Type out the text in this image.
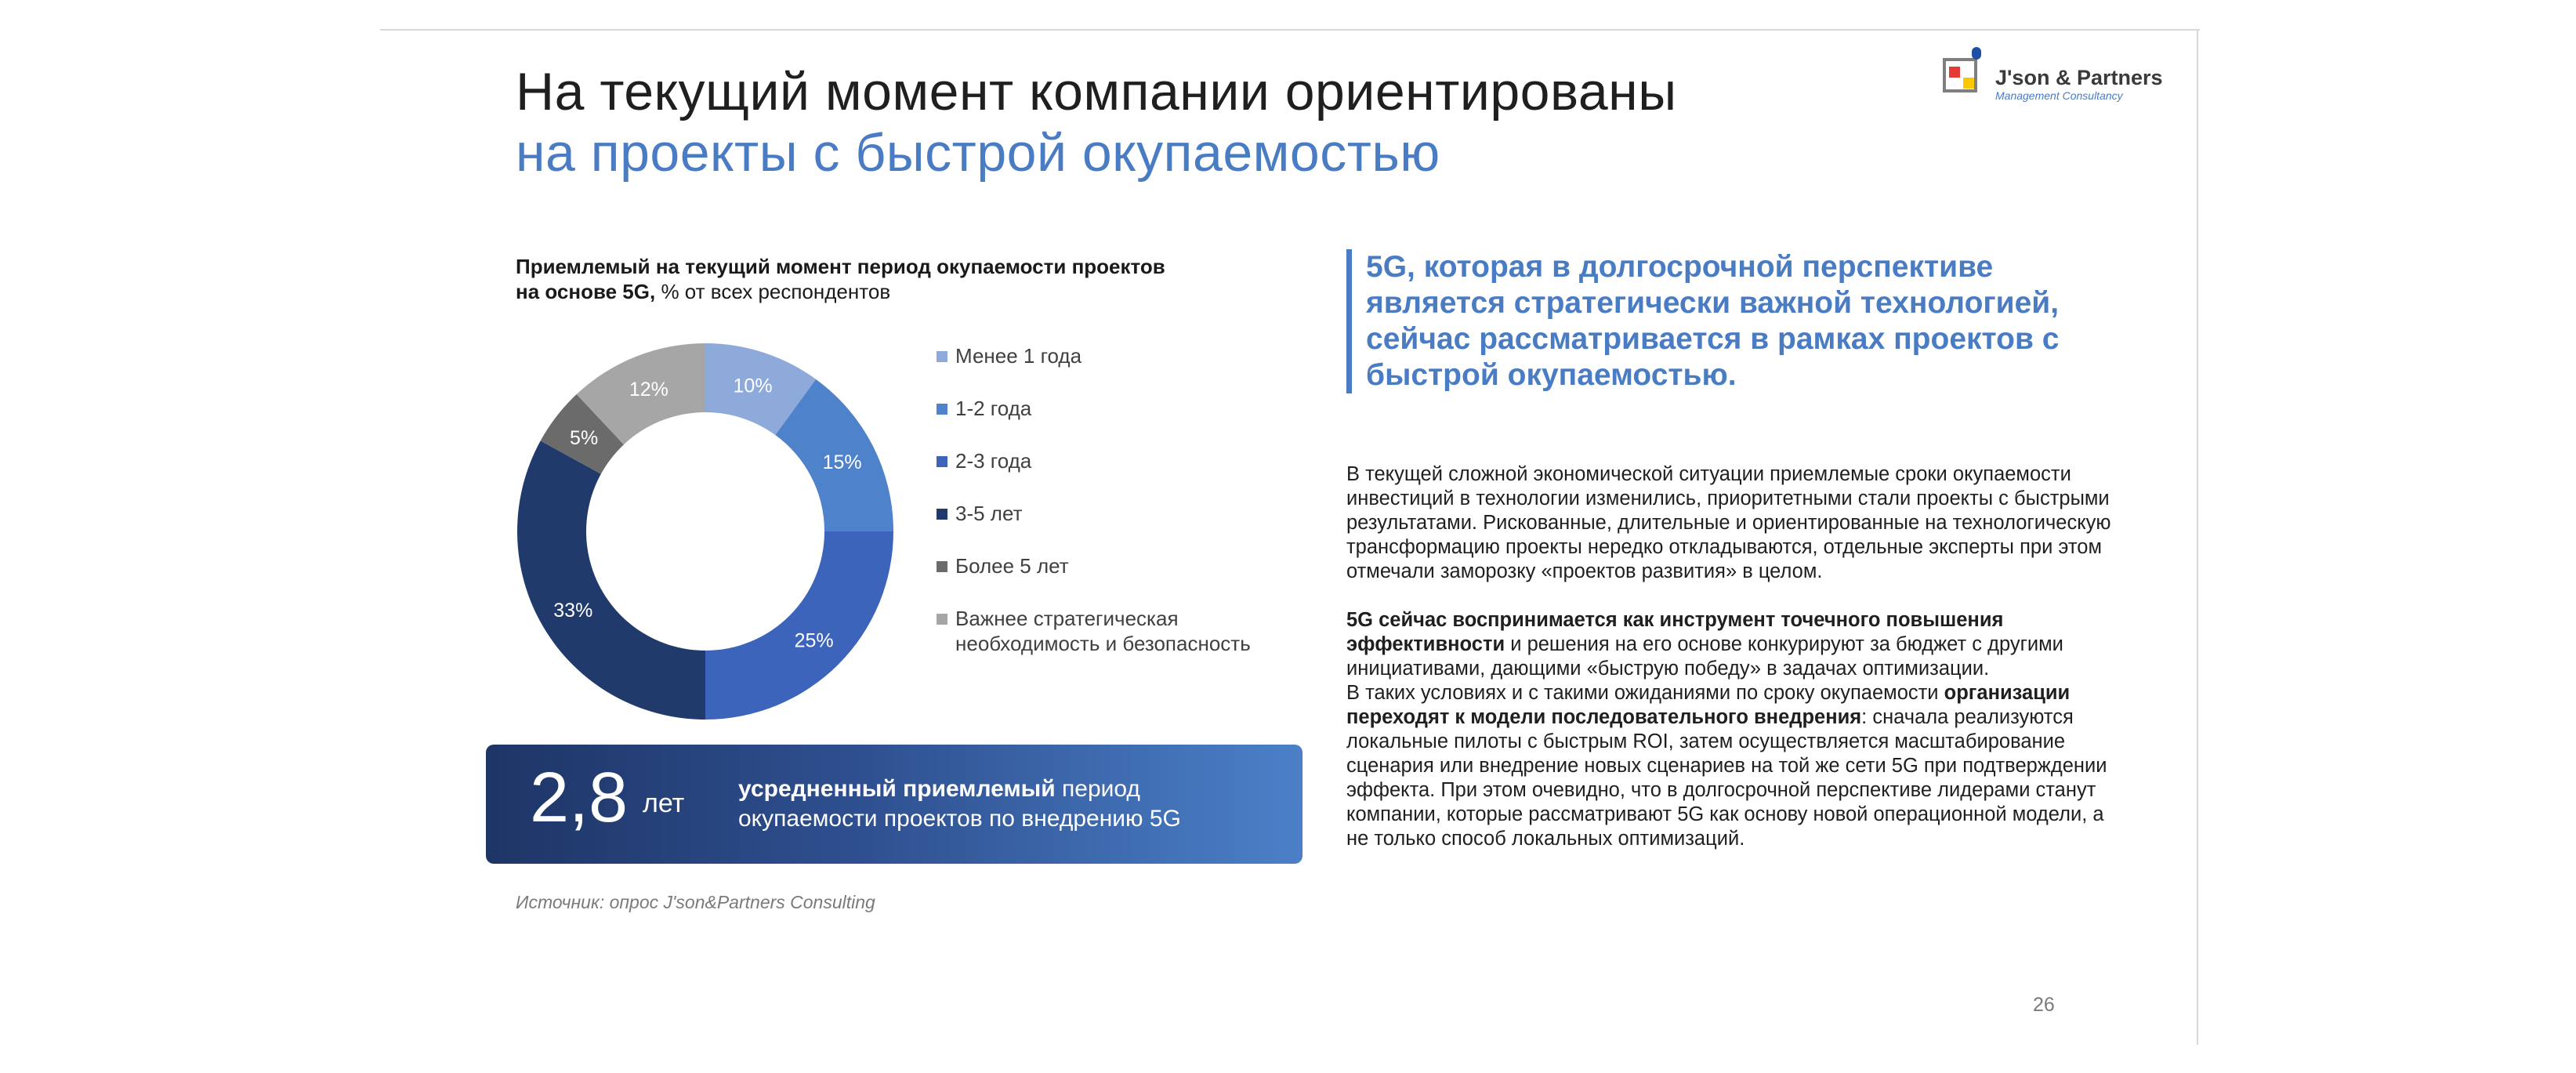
На текущий момент компании ориентированы
на проекты с быстрой окупаемостью
J'son & Partners
Management Consultancy
Приемлемый на текущий момент период окупаемости проектов
на основе 5G, % от всех респондентов
10%
15%
25%
33%
5%
12%
Менее 1 года
1-2 года
2-3 года
3-5 лет
Более 5 лет
Важнее стратегическая необходимость и безопасность
2,8 лет усредненный приемлемый период окупаемости проектов по внедрению 5G
Источник: опрос J'son&Partners Consulting
5G, которая в долгосрочной перспективе является стратегически важной технологией, сейчас рассматривается в рамках проектов с быстрой окупаемостью.

В текущей сложной экономической ситуации приемлемые сроки окупаемости инвестиций в технологии изменились, приоритетными стали проекты с быстрыми результатами. Рискованные, длительные и ориентированные на технологическую трансформацию проекты нередко откладываются, отдельные эксперты при этом отмечали заморозку «проектов развития» в целом.

5G сейчас воспринимается как инструмент точечного повышения эффективности и решения на его основе конкурируют за бюджет с другими инициативами, дающими «быструю победу» в задачах оптимизации.

В таких условиях и с такими ожиданиями по сроку окупаемости организации переходят к модели последовательного внедрения: сначала реализуются локальные пилоты с быстрым ROI, затем осуществляется масштабирование сценария или внедрение новых сценариев на той же сети 5G при подтверждении эффекта. При этом очевидно, что в долгосрочной перспективе лидерами станут компании, которые рассматривают 5G как основу новой операционной модели, а не только способ локальных оптимизаций.

26
